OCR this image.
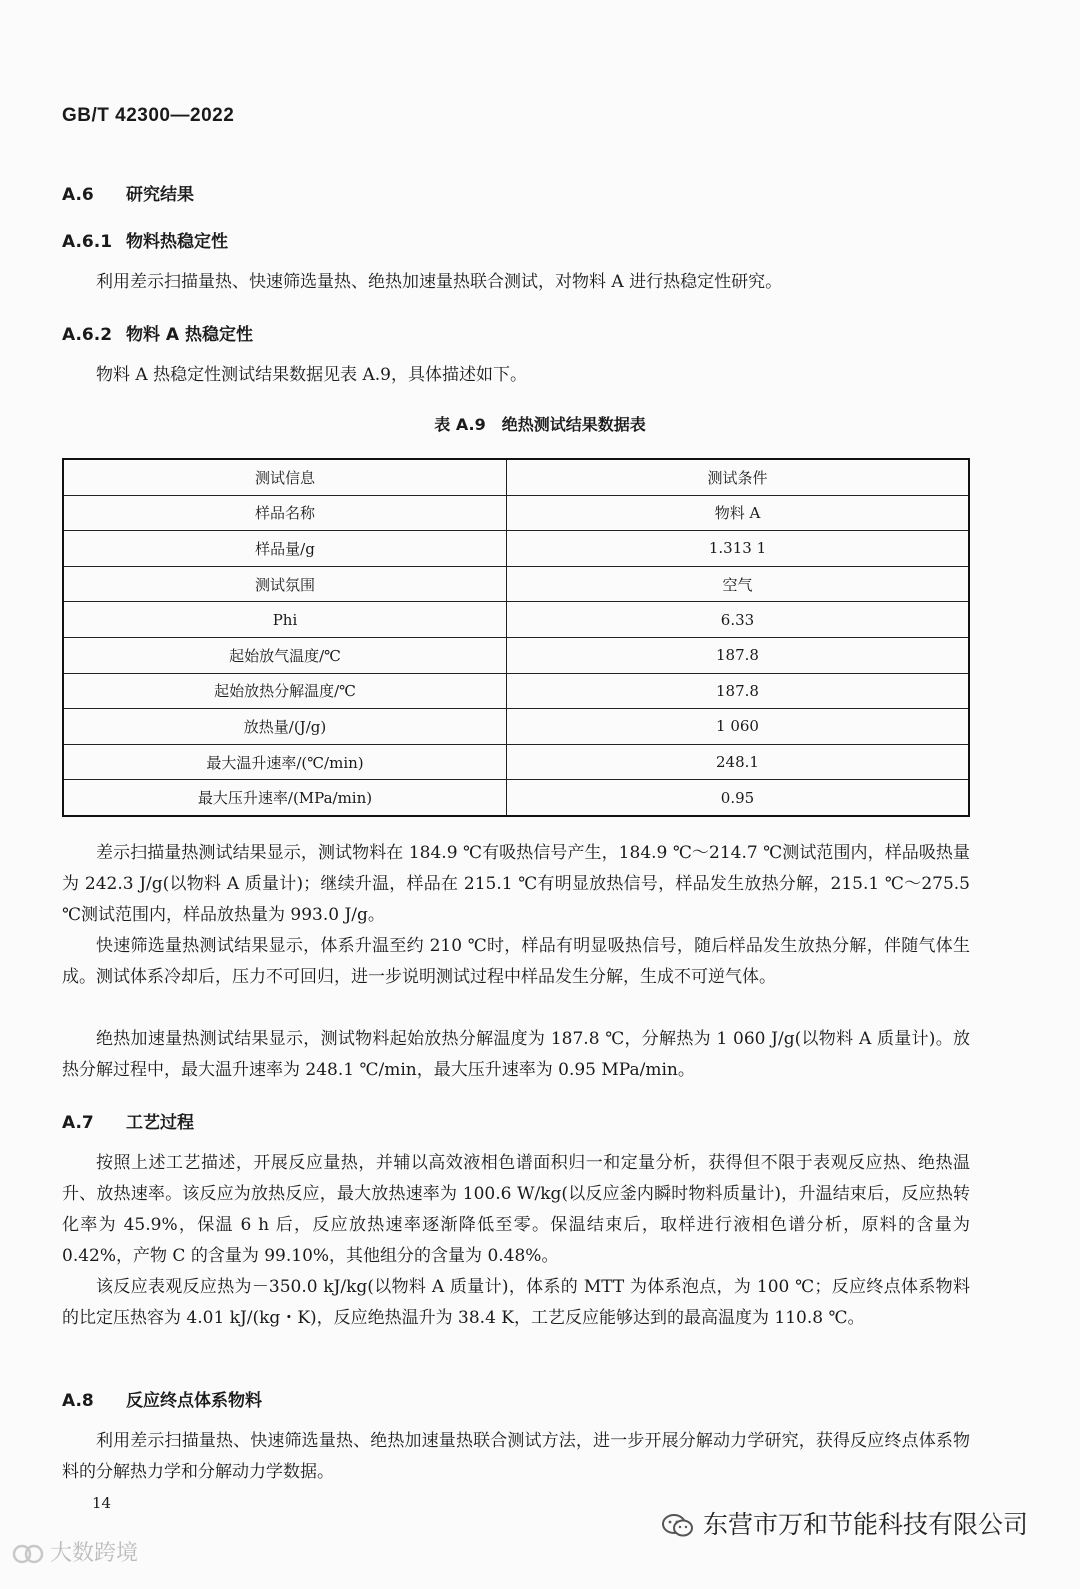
GB/T 42300—2022
A.6 研究结果
A.6.1 物料热稳定性
利用差示扫描量热、快速筛选量热、绝热加速量热联合测试，对物料 A 进行热稳定性研究。
A.6.2 物料 A 热稳定性
物料 A 热稳定性测试结果数据见表 A.9，具体描述如下。
表 A.9　绝热测试结果数据表
测试信息	测试条件
样品名称	物料 A
样品量/g	1.313 1
测试氛围	空气
Phi	6.33
起始放气温度/℃	187.8
起始放热分解温度/℃	187.8
放热量/(J/g)	1 060
最大温升速率/(℃/min)	248.1
最大压升速率/(MPa/min)	0.95
差示扫描量热测试结果显示，测试物料在 184.9 ℃有吸热信号产生，184.9 ℃～214.7 ℃测试范围内，样品吸热量为 242.3 J/g(以物料 A 质量计)；继续升温，样品在 215.1 ℃有明显放热信号，样品发生放热分解，215.1 ℃～275.5 ℃测试范围内，样品放热量为 993.0 J/g。
快速筛选量热测试结果显示，体系升温至约 210 ℃时，样品有明显吸热信号，随后样品发生放热分解，伴随气体生成。测试体系冷却后，压力不可回归，进一步说明测试过程中样品发生分解，生成不可逆气体。
绝热加速量热测试结果显示，测试物料起始放热分解温度为 187.8 ℃，分解热为 1 060 J/g(以物料 A 质量计)。放热分解过程中，最大温升速率为 248.1 ℃/min，最大压升速率为 0.95 MPa/min。
A.7 工艺过程
按照上述工艺描述，开展反应量热，并辅以高效液相色谱面积归一和定量分析，获得但不限于表观反应热、绝热温升、放热速率。该反应为放热反应，最大放热速率为 100.6 W/kg(以反应釜内瞬时物料质量计)，升温结束后，反应热转化率为 45.9%，保温 6 h 后，反应放热速率逐渐降低至零。保温结束后，取样进行液相色谱分析，原料的含量为 0.42%，产物 C 的含量为 99.10%，其他组分的含量为 0.48%。
该反应表观反应热为－350.0 kJ/kg(以物料 A 质量计)，体系的 MTT 为体系泡点，为 100 ℃；反应终点体系物料的比定压热容为 4.01 kJ/(kg・K)，反应绝热温升为 38.4 K，工艺反应能够达到的最高温度为 110.8 ℃。
A.8 反应终点体系物料
利用差示扫描量热、快速筛选量热、绝热加速量热联合测试方法，进一步开展分解动力学研究，获得反应终点体系物料的分解热力学和分解动力学数据。
14
东营市万和节能科技有限公司
大数跨境
